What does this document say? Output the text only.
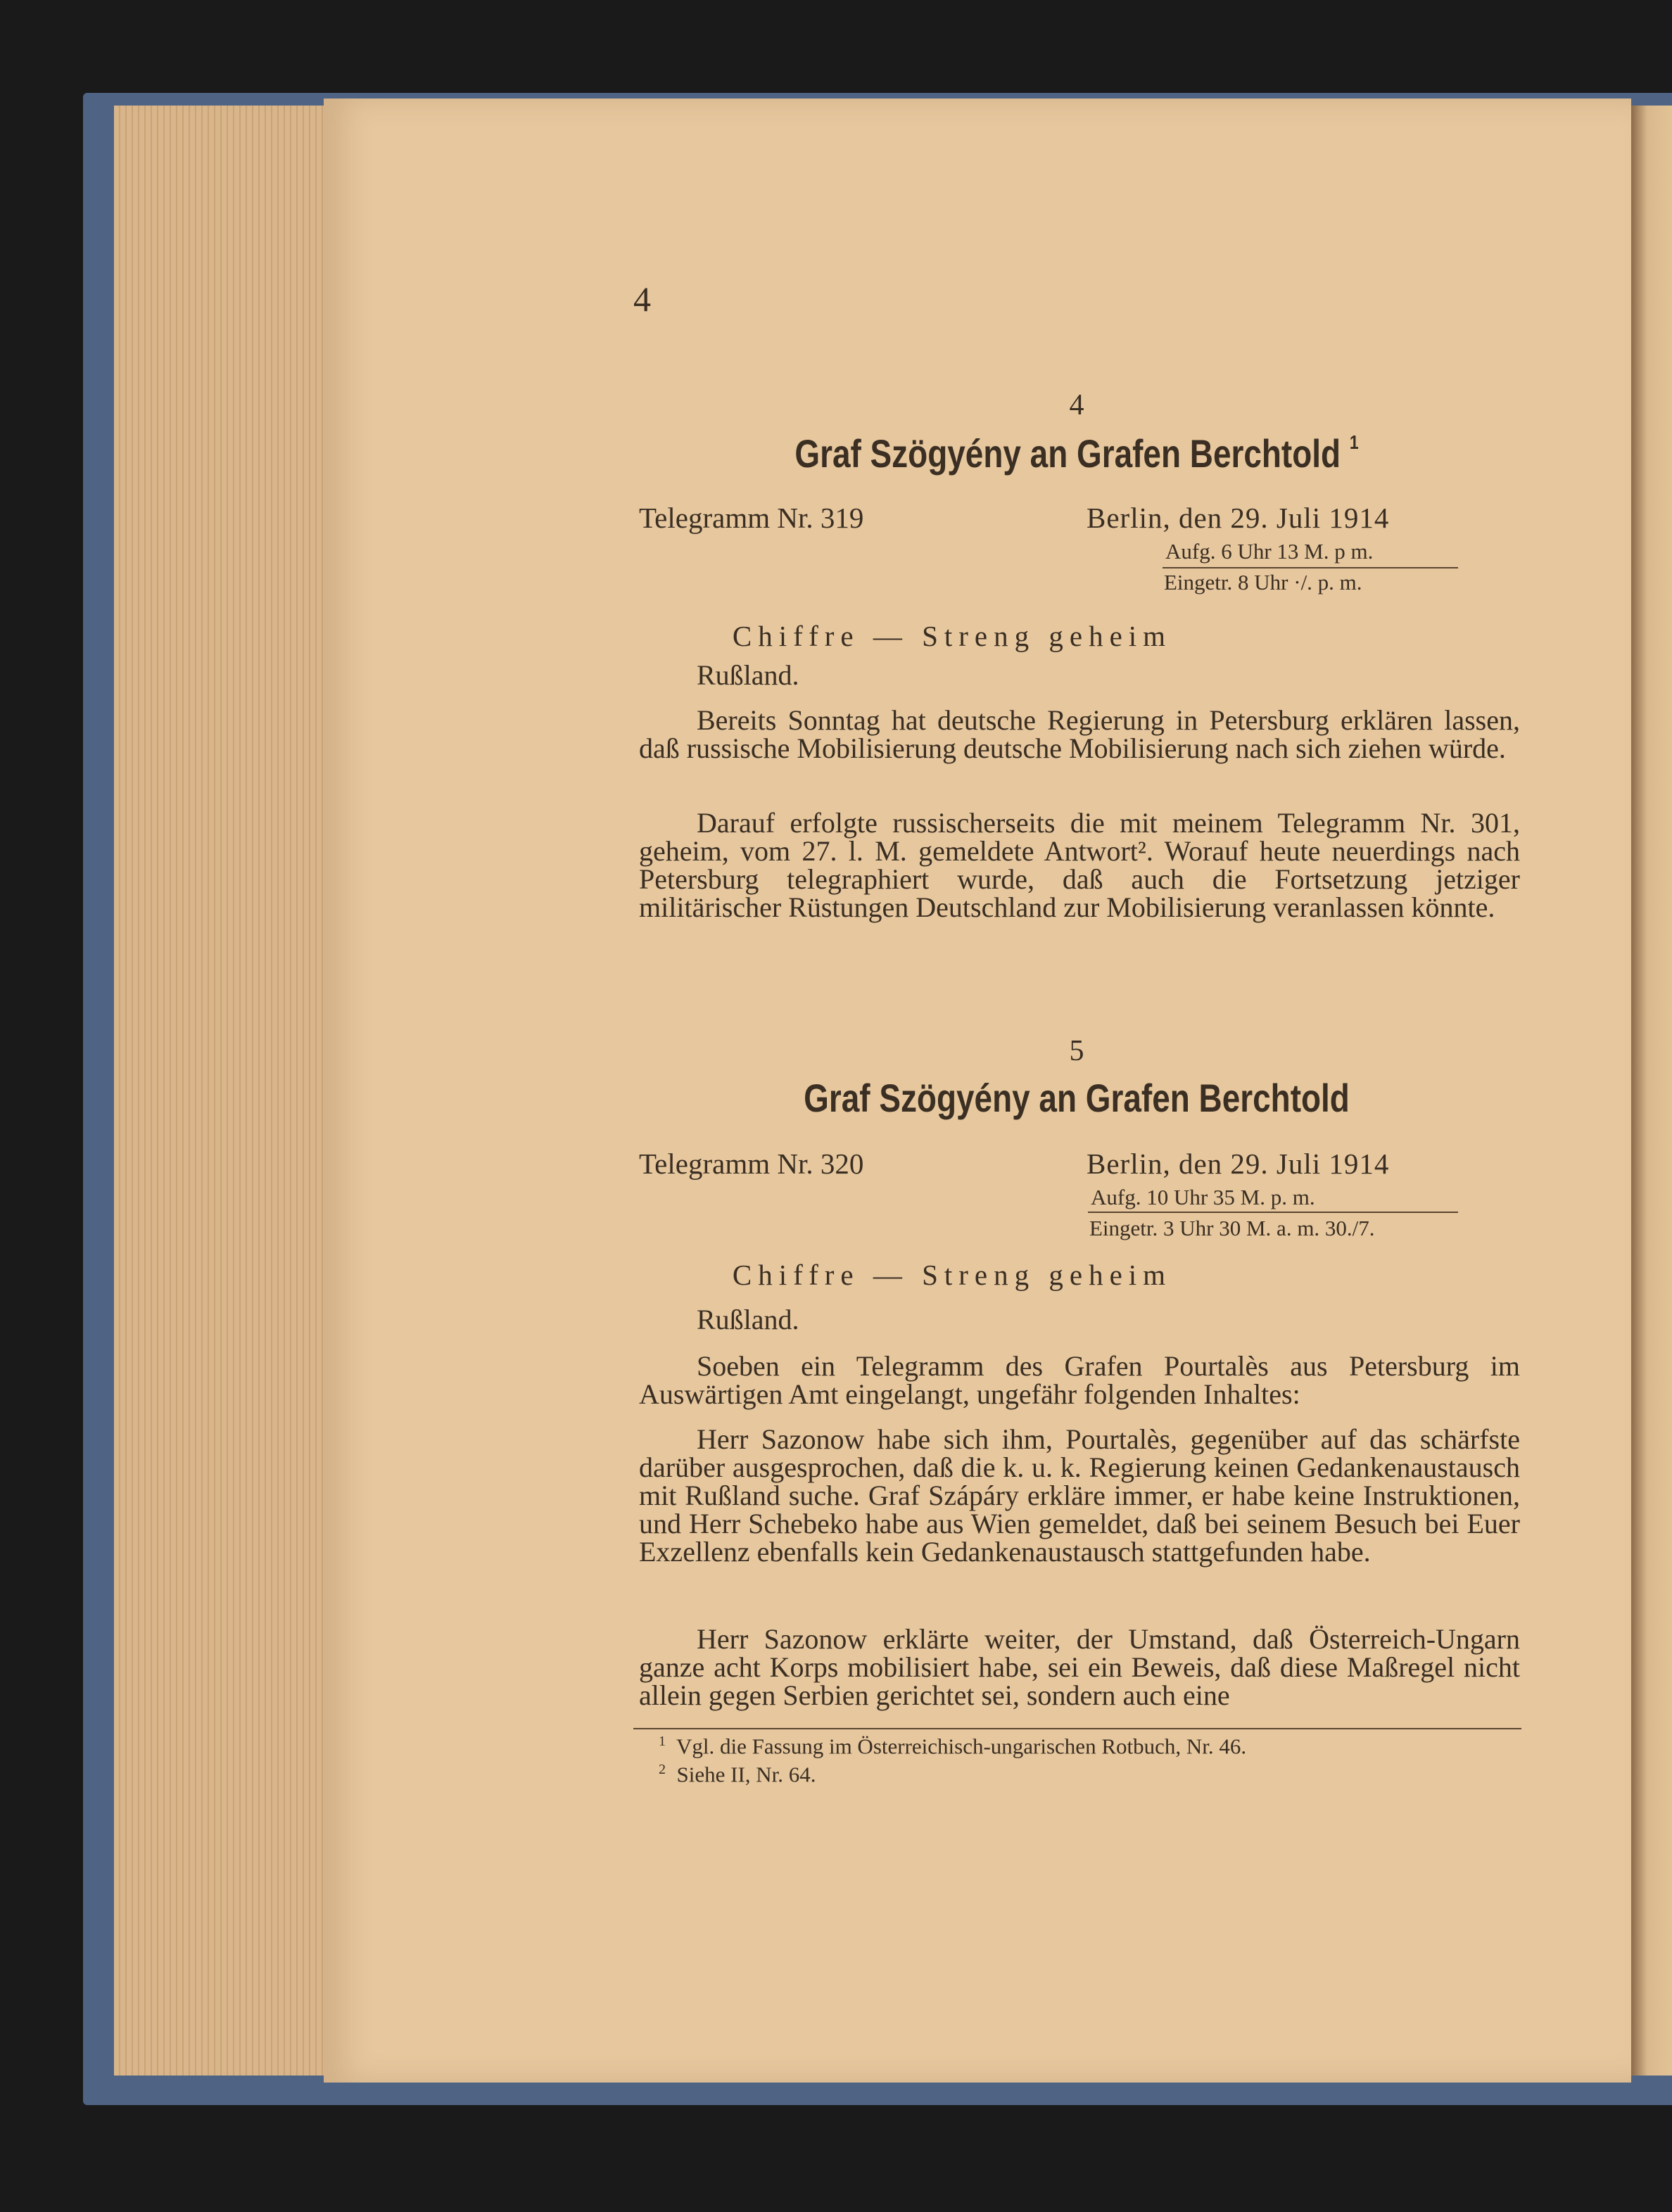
4
4
Graf Szögyény an Grafen Berchtold $^1$
Telegramm Nr. 319	Berlin, den 29. Juli 1914
Aufg. 6 Uhr 13 M. p m.
Eingetr. 8 Uhr ·/. p. m.
Chiffre — Streng geheim
Rußland.
Bereits Sonntag hat deutsche Regierung in Petersburg erklären lassen, daß russische Mobilisierung deutsche Mobilisierung nach sich ziehen würde.
Darauf erfolgte russischerseits die mit meinem Telegramm Nr. 301, geheim, vom 27. l. M. gemeldete Antwort². Worauf heute neuerdings nach Petersburg telegraphiert wurde, daß auch die Fortsetzung jetziger militärischer Rüstungen Deutschland zur Mobilisierung veranlassen könnte.
5
Graf Szögyény an Grafen Berchtold
Telegramm Nr. 320	Berlin, den 29. Juli 1914
Aufg. 10 Uhr 35 M. p. m.
Eingetr. 3 Uhr 30 M. a. m. 30./7.
Chiffre — Streng geheim
Rußland.
Soeben ein Telegramm des Grafen Pourtalès aus Petersburg im Auswärtigen Amt eingelangt, ungefähr folgenden Inhaltes:
Herr Sazonow habe sich ihm, Pourtalès, gegenüber auf das schärfste darüber ausgesprochen, daß die k. u. k. Regierung keinen Gedankenaustausch mit Rußland suche. Graf Szápáry erkläre immer, er habe keine Instruktionen, und Herr Schebeko habe aus Wien gemeldet, daß bei seinem Besuch bei Euer Exzellenz ebenfalls kein Gedankenaustausch stattgefunden habe.
Herr Sazonow erklärte weiter, der Umstand, daß Österreich-Ungarn ganze acht Korps mobilisiert habe, sei ein Beweis, daß diese Maßregel nicht allein gegen Serbien gerichtet sei, sondern auch eine
$^1$ Vgl. die Fassung im Österreichisch-ungarischen Rotbuch, Nr. 46.
$^2$ Siehe II, Nr. 64.
